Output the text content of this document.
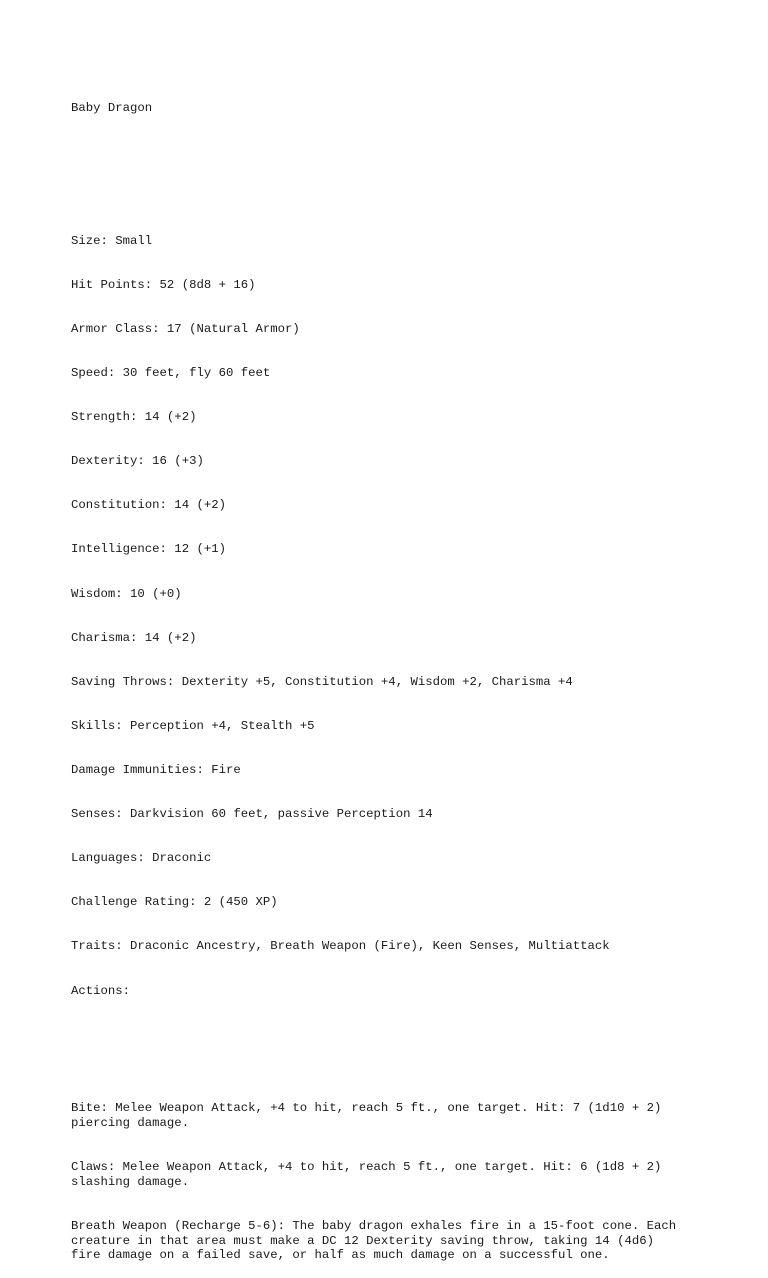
Baby Dragon

Size: Small

Hit Points: 52 (8d8 + 16)

Armor Class: 17 (Natural Armor)

Speed: 30 feet, fly 60 feet

Strength: 14 (+2)

Dexterity: 16 (+3)

Constitution: 14 (+2)

Intelligence: 12 (+1)

Wisdom: 10 (+0)

Charisma: 14 (+2)

Saving Throws: Dexterity +5, Constitution +4, Wisdom +2, Charisma +4

Skills: Perception +4, Stealth +5

Damage Immunities: Fire

Senses: Darkvision 60 feet, passive Perception 14

Languages: Draconic

Challenge Rating: 2 (450 XP)

Traits: Draconic Ancestry, Breath Weapon (Fire), Keen Senses, Multiattack

Actions:

Bite: Melee Weapon Attack, +4 to hit, reach 5 ft., one target. Hit: 7 (1d10 + 2)
piercing damage.

Claws: Melee Weapon Attack, +4 to hit, reach 5 ft., one target. Hit: 6 (1d8 + 2)
slashing damage.

Breath Weapon (Recharge 5-6): The baby dragon exhales fire in a 15-foot cone. Each
creature in that area must make a DC 12 Dexterity saving throw, taking 14 (4d6)
fire damage on a failed save, or half as much damage on a successful one.
